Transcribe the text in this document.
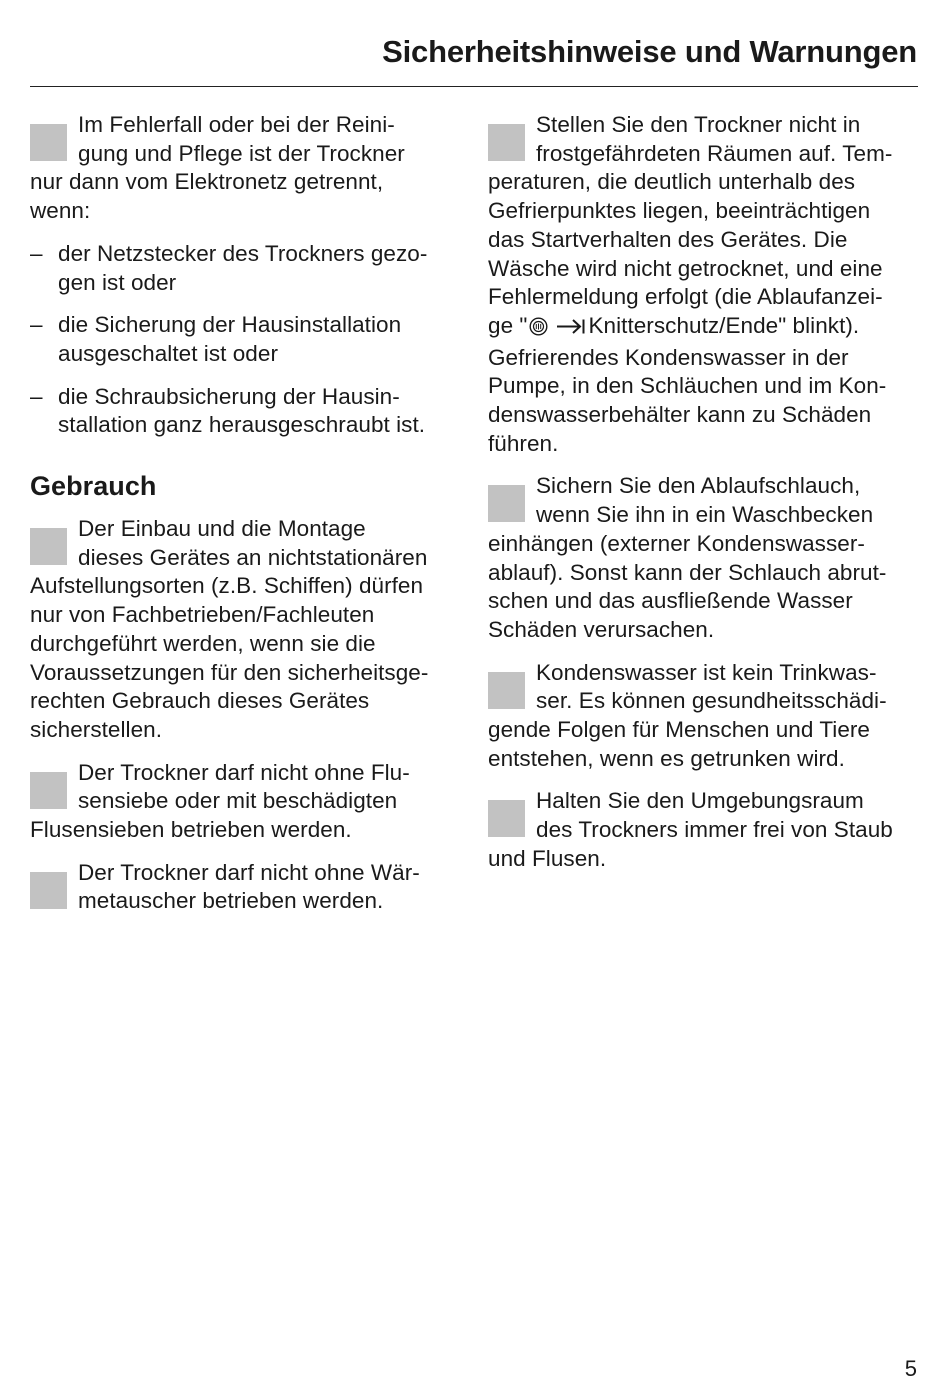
Sicherheitshinweise und Warnungen
Im Fehlerfall oder bei der Reini-
gung und Pflege ist der Trockner
nur dann vom Elektronetz getrennt,
wenn:
– der Netzstecker des Trockners gezo-
gen ist oder
– die Sicherung der Hausinstallation
ausgeschaltet ist oder
– die Schraubsicherung der Hausin-
stallation ganz herausgeschraubt ist.
Gebrauch
Der Einbau und die Montage
dieses Gerätes an nichtstationären
Aufstellungsorten (z.B. Schiffen) dürfen
nur von Fachbetrieben/Fachleuten
durchgeführt werden, wenn sie die
Voraussetzungen für den sicherheitsge-
rechten Gebrauch dieses Gerätes
sicherstellen.
Der Trockner darf nicht ohne Flu-
sensiebe oder mit beschädigten
Flusensieben betrieben werden.
Der Trockner darf nicht ohne Wär-
metauscher betrieben werden.
Stellen Sie den Trockner nicht in
frostgefährdeten Räumen auf. Tem-
peraturen, die deutlich unterhalb des
Gefrierpunktes liegen, beeinträchtigen
das Startverhalten des Gerätes. Die
Wäsche wird nicht getrocknet, und eine
Fehlermeldung erfolgt (die Ablaufanzei-
ge "	Knitterschutz/Ende" blinkt).
Gefrierendes Kondenswasser in der
Pumpe, in den Schläuchen und im Kon-
denswasserbehälter kann zu Schäden
führen.
Sichern Sie den Ablaufschlauch,
wenn Sie ihn in ein Waschbecken
einhängen (externer Kondenswasser-
ablauf). Sonst kann der Schlauch abrut-
schen und das ausfließende Wasser
Schäden verursachen.
Kondenswasser ist kein Trinkwas-
ser. Es können gesundheitsschädi-
gende Folgen für Menschen und Tiere
entstehen, wenn es getrunken wird.
Halten Sie den Umgebungsraum
des Trockners immer frei von Staub
und Flusen.
5
